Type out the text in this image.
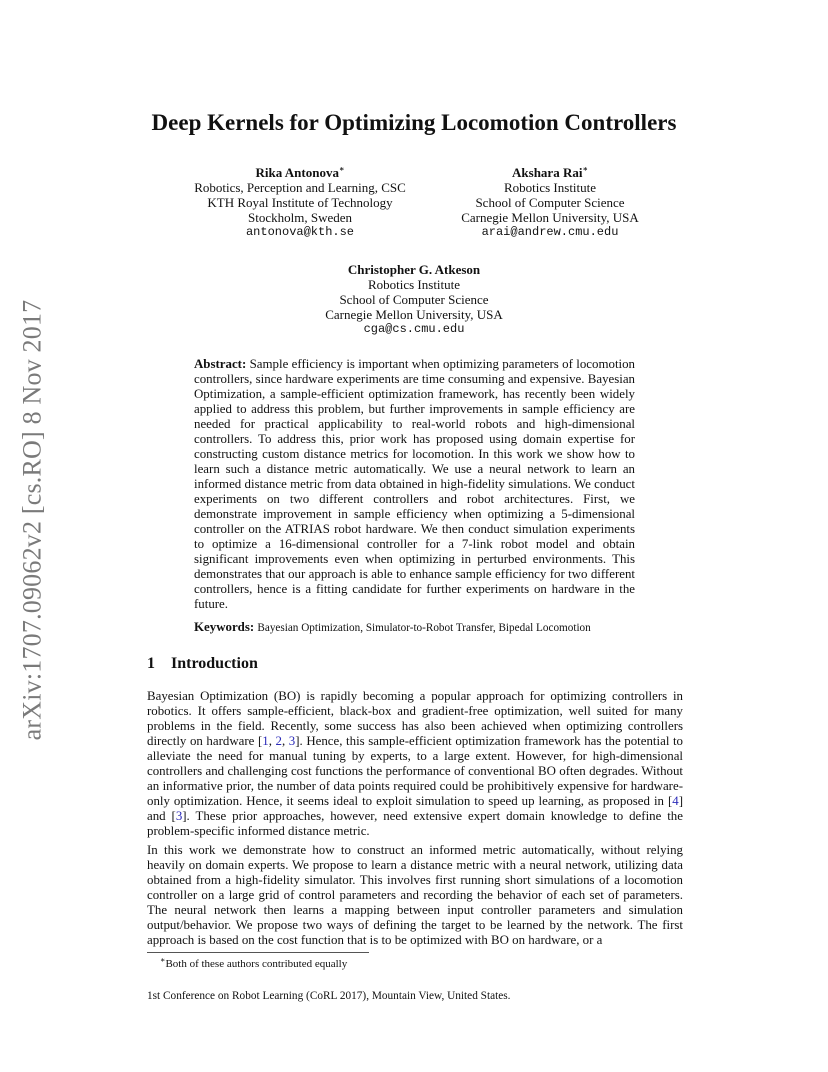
arXiv:1707.09062v2 [cs.RO] 8 Nov 2017
Deep Kernels for Optimizing Locomotion Controllers
Rika Antonova∗
Robotics, Perception and Learning, CSC
KTH Royal Institute of Technology
Stockholm, Sweden
antonova@kth.se
Akshara Rai∗
Robotics Institute
School of Computer Science
Carnegie Mellon University, USA
arai@andrew.cmu.edu
Christopher G. Atkeson
Robotics Institute
School of Computer Science
Carnegie Mellon University, USA
cga@cs.cmu.edu
Abstract: Sample efficiency is important when optimizing parameters of locomotion controllers, since hardware experiments are time consuming and expensive. Bayesian Optimization, a sample-efficient optimization framework, has recently been widely applied to address this problem, but further improvements in sample efficiency are needed for practical applicability to real-world robots and high-dimensional controllers. To address this, prior work has proposed using domain expertise for constructing custom distance metrics for locomotion. In this work we show how to learn such a distance metric automatically. We use a neural network to learn an informed distance metric from data obtained in high-fidelity simulations. We conduct experiments on two different controllers and robot architectures. First, we demonstrate improvement in sample efficiency when optimizing a 5-dimensional controller on the ATRIAS robot hardware. We then conduct simulation experiments to optimize a 16-dimensional controller for a 7-link robot model and obtain significant improvements even when optimizing in perturbed environments. This demonstrates that our approach is able to enhance sample efficiency for two different controllers, hence is a fitting candidate for further experiments on hardware in the future.
Keywords: Bayesian Optimization, Simulator-to-Robot Transfer, Bipedal Locomotion
1 Introduction
Bayesian Optimization (BO) is rapidly becoming a popular approach for optimizing controllers in robotics. It offers sample-efficient, black-box and gradient-free optimization, well suited for many problems in the field. Recently, some success has also been achieved when optimizing controllers directly on hardware [1, 2, 3]. Hence, this sample-efficient optimization framework has the potential to alleviate the need for manual tuning by experts, to a large extent. However, for high-dimensional controllers and challenging cost functions the performance of conventional BO often degrades. Without an informative prior, the number of data points required could be prohibitively expensive for hardware-only optimization. Hence, it seems ideal to exploit simulation to speed up learning, as proposed in [4] and [3]. These prior approaches, however, need extensive expert domain knowledge to define the problem-specific informed distance metric.
In this work we demonstrate how to construct an informed metric automatically, without relying heavily on domain experts. We propose to learn a distance metric with a neural network, utilizing data obtained from a high-fidelity simulator. This involves first running short simulations of a locomotion controller on a large grid of control parameters and recording the behavior of each set of parameters. The neural network then learns a mapping between input controller parameters and simulation output/behavior. We propose two ways of defining the target to be learned by the network. The first approach is based on the cost function that is to be optimized with BO on hardware, or a
∗Both of these authors contributed equally
1st Conference on Robot Learning (CoRL 2017), Mountain View, United States.
